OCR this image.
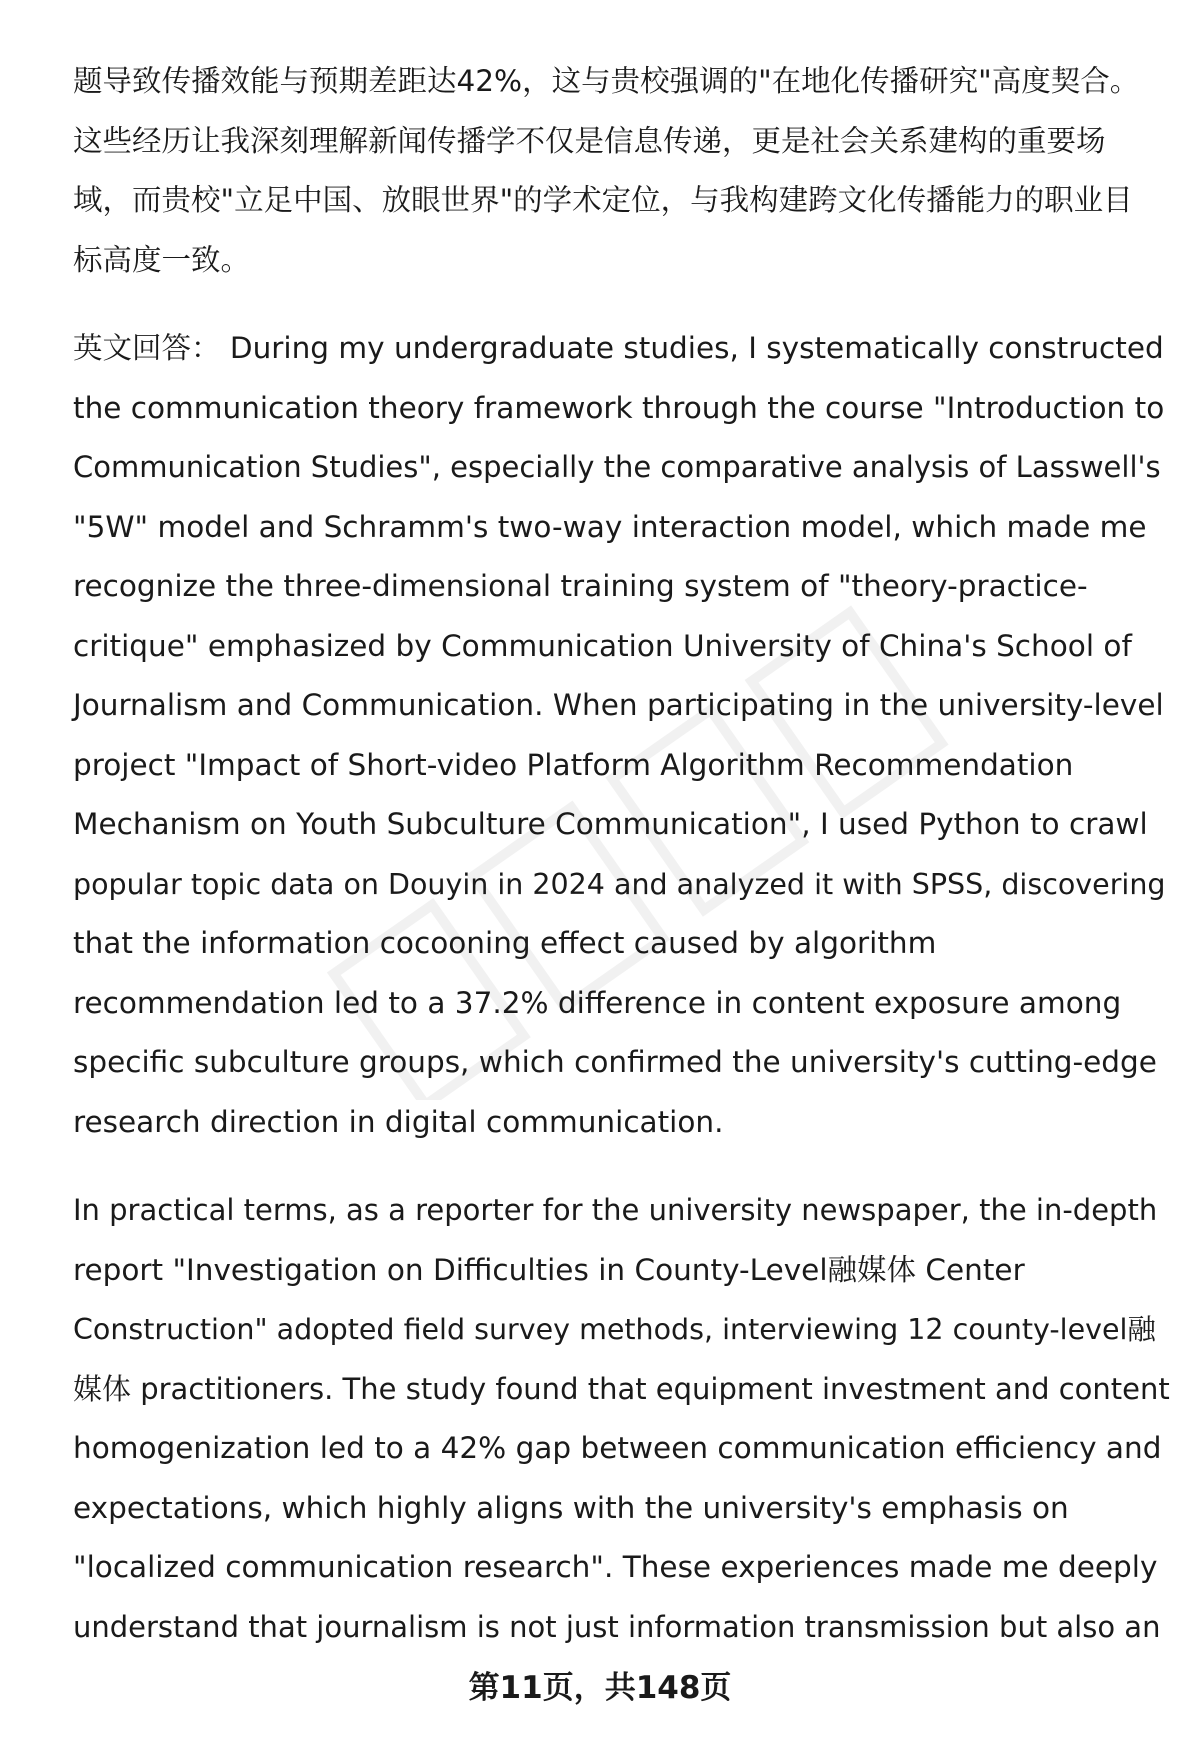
题导致传播效能与预期差距达42%，这与贵校强调的"在地化传播研究"高度契合。
这些经历让我深刻理解新闻传播学不仅是信息传递，更是社会关系建构的重要场
域，而贵校"立足中国、放眼世界"的学术定位，与我构建跨文化传播能力的职业目
标高度一致。

英文回答： During my undergraduate studies, I systematically constructed
the communication theory framework through the course "Introduction to
Communication Studies", especially the comparative analysis of Lasswell's
"5W" model and Schramm's two-way interaction model, which made me
recognize the three-dimensional training system of "theory-practice-
critique" emphasized by Communication University of China's School of
Journalism and Communication. When participating in the university-level
project "Impact of Short-video Platform Algorithm Recommendation
Mechanism on Youth Subculture Communication", I used Python to crawl
popular topic data on Douyin in 2024 and analyzed it with SPSS, discovering
that the information cocooning effect caused by algorithm
recommendation led to a 37.2% difference in content exposure among
specific subculture groups, which confirmed the university's cutting-edge
research direction in digital communication.

In practical terms, as a reporter for the university newspaper, the in-depth
report "Investigation on Difficulties in County-Level融媒体 Center
Construction" adopted field survey methods, interviewing 12 county-level融
媒体 practitioners. The study found that equipment investment and content
homogenization led to a 42% gap between communication efficiency and
expectations, which highly aligns with the university's emphasis on
"localized communication research". These experiences made me deeply
understand that journalism is not just information transmission but also an

第11页，共148页
